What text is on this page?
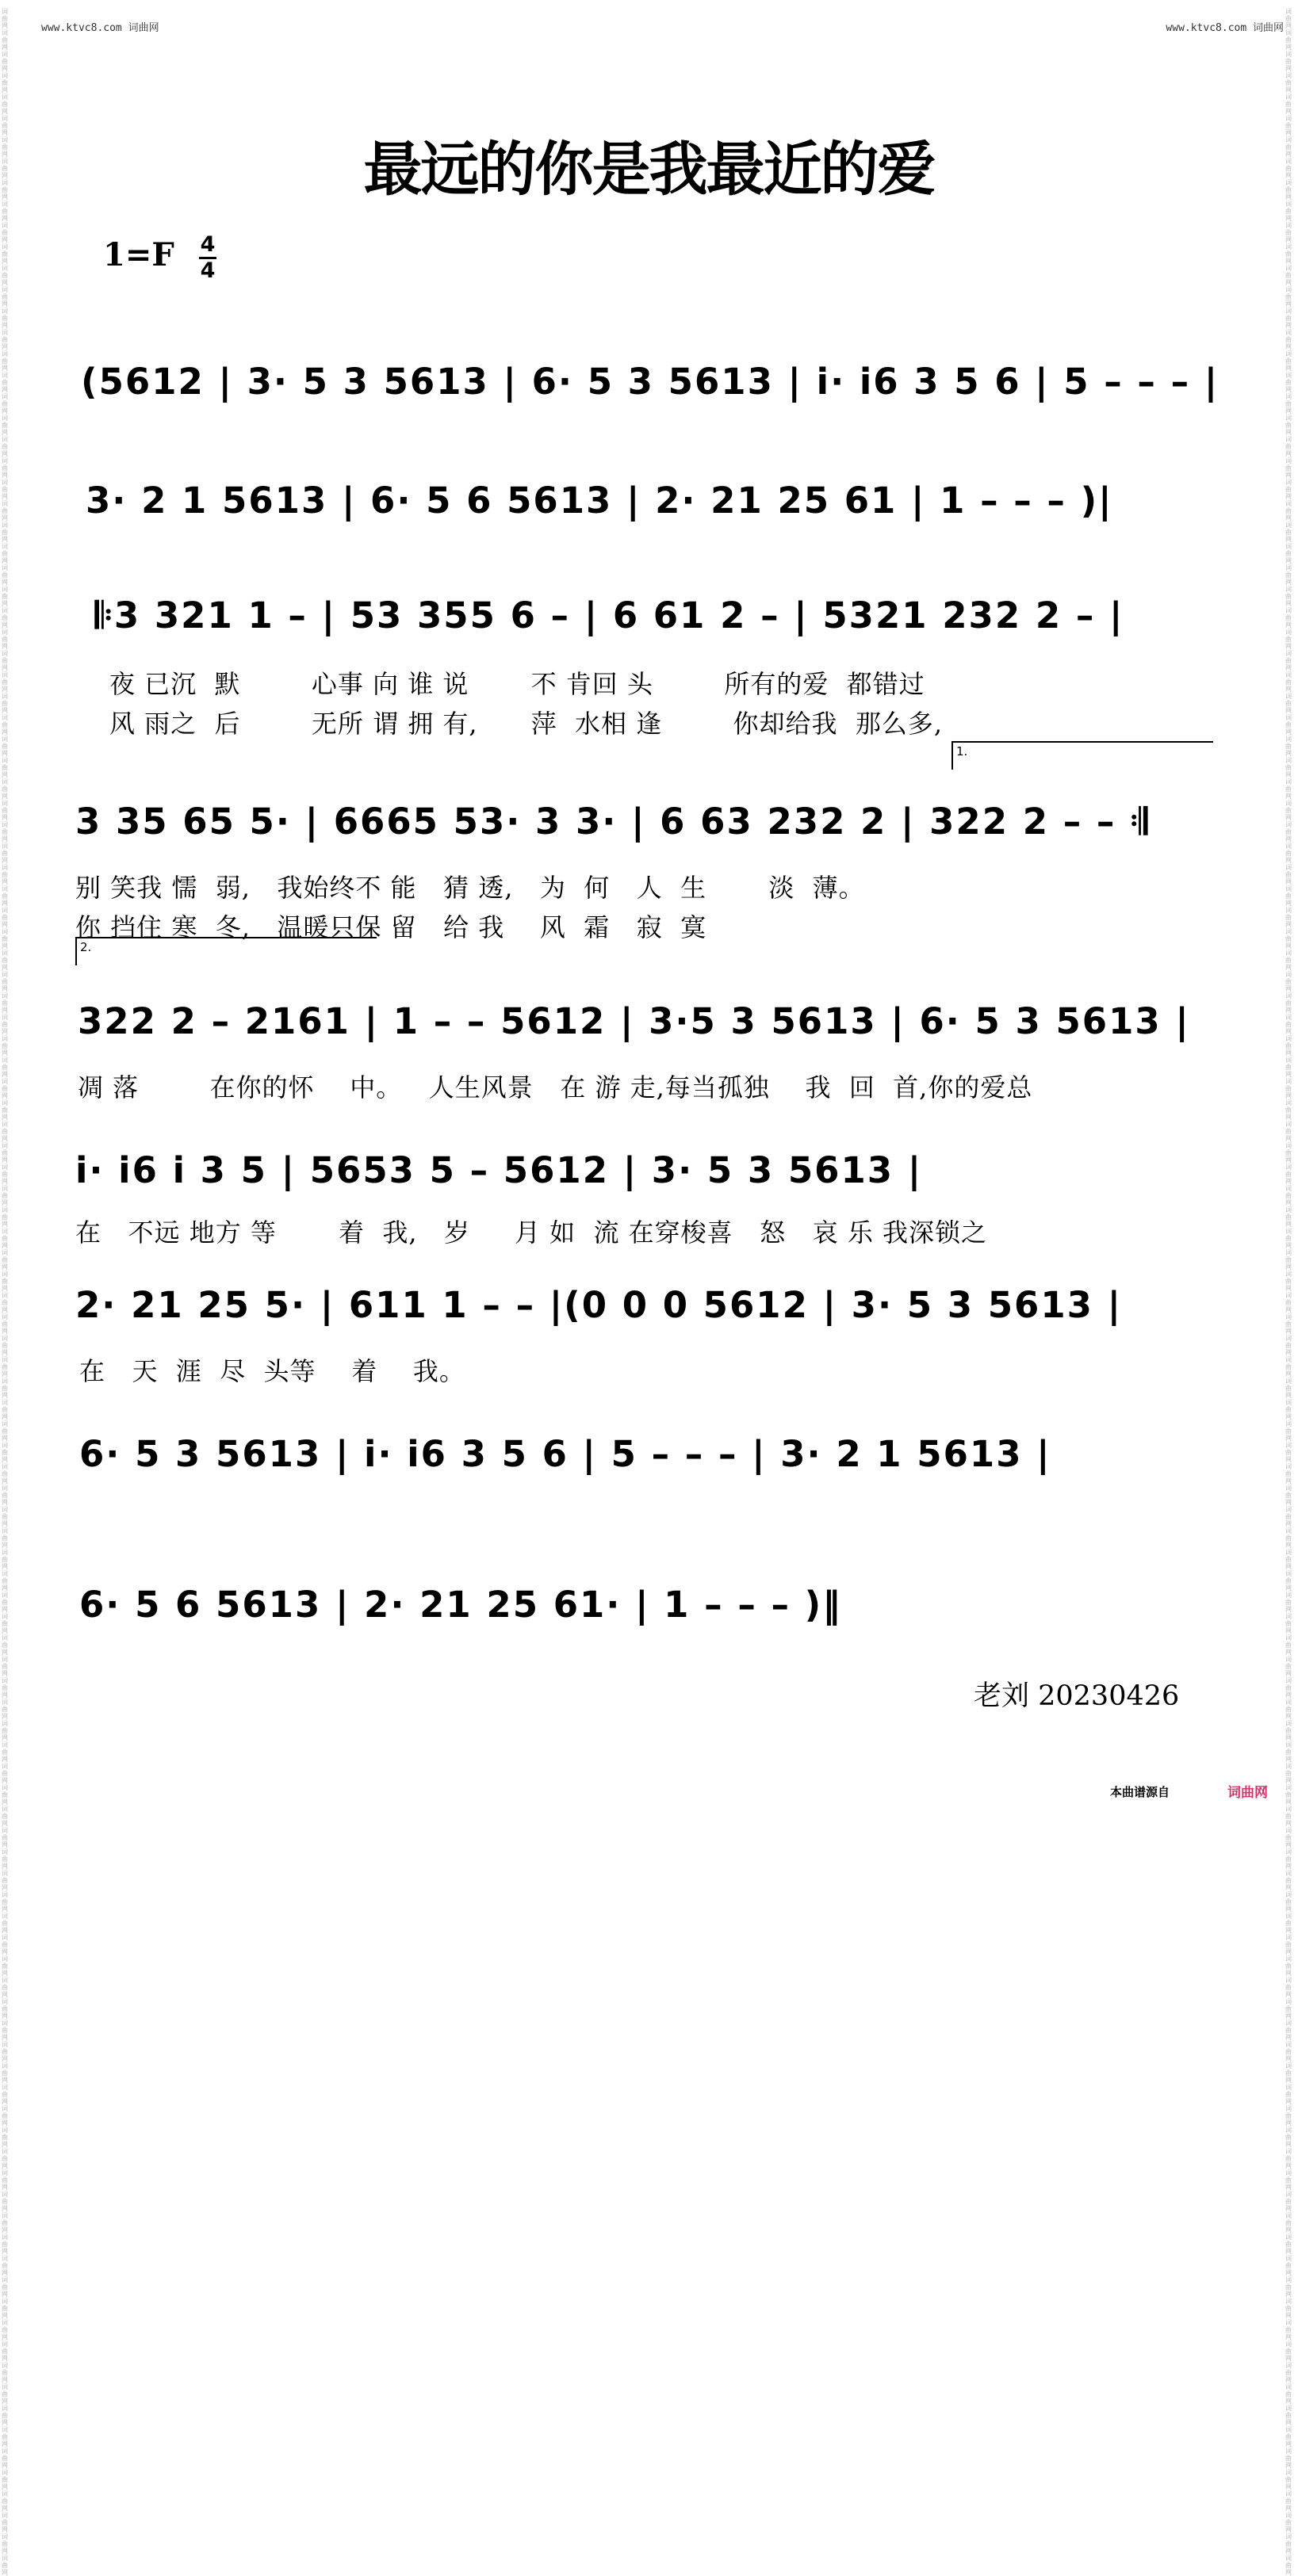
www.ktvc8.com 词曲网	www.ktvc8.com 词曲网
词曲网 词曲网 词曲网 词曲网 词曲网 词曲网 词曲网 词曲网 词曲网 词曲网 词曲网 词曲网 词曲网 词曲网 词曲网 词曲网 词曲网 词曲网 词曲网 词曲网 词曲网 词曲网 词曲网 词曲网 词曲网 词曲网 词曲网 词曲网 词曲网 词曲网 词曲网 词曲网 词曲网 词曲网 词曲网 词曲网 词曲网 词曲网 词曲网 词曲网 词曲网 词曲网 词曲网 词曲网 词曲网 词曲网 词曲网 词曲网 词曲网 词曲网 词曲网 词曲网 词曲网 词曲网 词曲网 词曲网 词曲网 词曲网 词曲网 词曲网 词曲网 词曲网 词曲网 词曲网 词曲网 词曲网 词曲网 词曲网 词曲网 词曲网 词曲网 词曲网 词曲网 词曲网 词曲网 词曲网 词曲网 词曲网 词曲网 词曲网 词曲网 词曲网 词曲网 词曲网 词曲网 词曲网 词曲网 词曲网 词曲网 词曲网 词曲网 词曲网 词曲网 词曲网 词曲网 词曲网 词曲网 词曲网 词曲网 词曲网 词曲网 词曲网 词曲网 词曲网 词曲网 词曲网 词曲网 词曲网 词曲网 词曲网 词曲网 词曲网 词曲网 词曲网 词曲网 词曲网 词曲网 词曲网 词曲网 词曲网
词曲网 词曲网 词曲网 词曲网 词曲网 词曲网 词曲网 词曲网 词曲网 词曲网 词曲网 词曲网 词曲网 词曲网 词曲网 词曲网 词曲网 词曲网 词曲网 词曲网 词曲网 词曲网 词曲网 词曲网 词曲网 词曲网 词曲网 词曲网 词曲网 词曲网 词曲网 词曲网 词曲网 词曲网 词曲网 词曲网 词曲网 词曲网 词曲网 词曲网 词曲网 词曲网 词曲网 词曲网 词曲网 词曲网 词曲网 词曲网 词曲网 词曲网 词曲网 词曲网 词曲网 词曲网 词曲网 词曲网 词曲网 词曲网 词曲网 词曲网 词曲网 词曲网 词曲网 词曲网 词曲网 词曲网 词曲网 词曲网 词曲网 词曲网 词曲网 词曲网 词曲网 词曲网 词曲网 词曲网 词曲网 词曲网 词曲网 词曲网 词曲网 词曲网 词曲网 词曲网 词曲网 词曲网 词曲网 词曲网 词曲网 词曲网 词曲网 词曲网 词曲网 词曲网 词曲网 词曲网 词曲网 词曲网 词曲网 词曲网 词曲网 词曲网 词曲网 词曲网 词曲网 词曲网 词曲网 词曲网 词曲网 词曲网 词曲网 词曲网 词曲网 词曲网 词曲网 词曲网 词曲网 词曲网 词曲网 词曲网
最远的你是我最近的爱
1=F 4
4
(5612 | 3· 5 3 5613 | 6· 5 3 5613 | i· i6 3 5 6 | 5 – – – |
3· 2 1 5613 | 6· 5 6 5613 | 2· 21 25 61 | 1 – – – )|
𝄆3 321 1 – | 53 355 6 – | 6 61 2 – | 5321 232 2 – |
夜 已沉  默        心事 向 谁 说       不 肯回 头        所有的爱  都错过
风 雨之  后        无所 谓 拥 有,      萍  水相 逢        你却给我  那么多,
1.
3 35 65 5· | 6665 53· 3 3· | 6 63 232 2 | 322 2 – – 𝄇
别 笑我 懦  弱,   我始终不 能   猜 透,   为  何   人  生       淡  薄。
你 挡住 寒  冬,   温暖只保 留   给 我    风  霜   寂  寞
2.
322 2 – 2161 | 1 – – 5612 | 3·5 3 5613 | 6· 5 3 5613 |
凋 落        在你的怀    中。   人生风景   在 游 走,每当孤独    我  回  首,你的爱总
i· i6 i 3 5 | 5653 5 – 5612 | 3· 5 3 5613 |
在   不远 地方 等       着  我,   岁     月 如  流 在穿梭喜   怒   哀 乐 我深锁之
2· 21 25 5· | 611 1 – – |(0 0 0 5612 | 3· 5 3 5613 |
在   天  涯  尽  头等    着    我。
6· 5 3 5613 | i· i6 3 5 6 | 5 – – – | 3· 2 1 5613 |
6· 5 6 5613 | 2· 21 25 61· | 1 – – – )‖
老刘 20230426
本曲谱源自	词曲网
